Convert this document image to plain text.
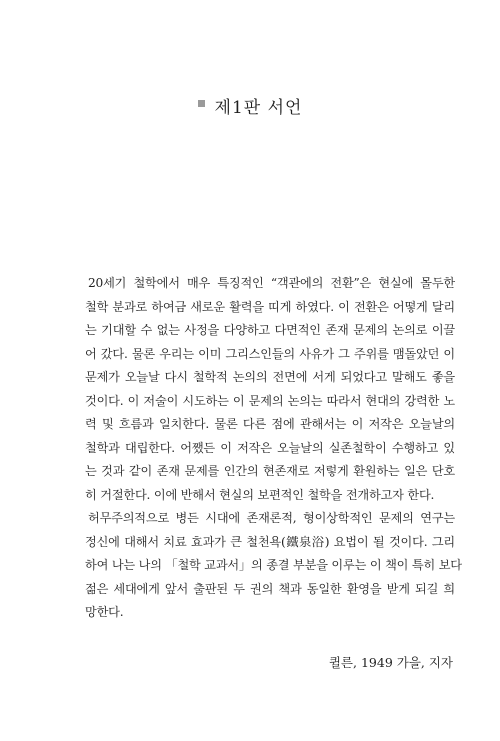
제1판 서언
20세기 철학에서 매우 특징적인 “객관에의 전환”은 현실에 몰두한
철학 분과로 하여금 새로운 활력을 띠게 하였다. 이 전환은 어떻게 달리
는 기대할 수 없는 사정을 다양하고 다면적인 존재 문제의 논의로 이끌
어 갔다. 물론 우리는 이미 그리스인들의 사유가 그 주위를 맴돌았던 이
문제가 오늘날 다시 철학적 논의의 전면에 서게 되었다고 말해도 좋을
것이다. 이 저술이 시도하는 이 문제의 논의는 따라서 현대의 강력한 노
력 및 흐름과 일치한다. 물론 다른 점에 관해서는 이 저작은 오늘날의
철학과 대립한다. 어쨌든 이 저작은 오늘날의 실존철학이 수행하고 있
는 것과 같이 존재 문제를 인간의 현존재로 저렇게 환원하는 일은 단호
히 거절한다. 이에 반해서 현실의 보편적인 철학을 전개하고자 한다.
허무주의적으로 병든 시대에 존재론적, 형이상학적인 문제의 연구는
정신에 대해서 치료 효과가 큰 철천욕(鐵泉浴) 요법이 될 것이다. 그리
하여 나는 나의 「철학 교과서」의 종결 부분을 이루는 이 책이 특히 보다
젊은 세대에게 앞서 출판된 두 권의 책과 동일한 환영을 받게 되길 희
망한다.
퀼른, 1949 가을, 지자
